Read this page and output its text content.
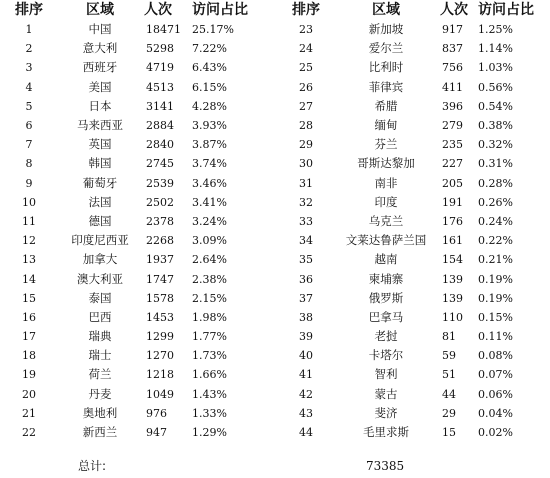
排序	区域	人次	访问占比	排序	区域	人次	访问占比
1	中国	18471	25.17%	23	新加坡	917	1.25%
2	意大利	5298	7.22%	24	爱尔兰	837	1.14%
3	西班牙	4719	6.43%	25	比利时	756	1.03%
4	美国	4513	6.15%	26	菲律宾	411	0.56%
5	日本	3141	4.28%	27	希腊	396	0.54%
6	马来西亚	2884	3.93%	28	缅甸	279	0.38%
7	英国	2840	3.87%	29	芬兰	235	0.32%
8	韩国	2745	3.74%	30	哥斯达黎加	227	0.31%
9	葡萄牙	2539	3.46%	31	南非	205	0.28%
10	法国	2502	3.41%	32	印度	191	0.26%
11	德国	2378	3.24%	33	乌克兰	176	0.24%
12	印度尼西亚	2268	3.09%	34	文莱达鲁萨兰国	161	0.22%
13	加拿大	1937	2.64%	35	越南	154	0.21%
14	澳大利亚	1747	2.38%	36	柬埔寨	139	0.19%
15	泰国	1578	2.15%	37	俄罗斯	139	0.19%
16	巴西	1453	1.98%	38	巴拿马	110	0.15%
17	瑞典	1299	1.77%	39	老挝	81	0.11%
18	瑞士	1270	1.73%	40	卡塔尔	59	0.08%
19	荷兰	1218	1.66%	41	智利	51	0.07%
20	丹麦	1049	1.43%	42	蒙古	44	0.06%
21	奥地利	976	1.33%	43	斐济	29	0.04%
22	新西兰	947	1.29%	44	毛里求斯	15	0.02%
总计:	73385
